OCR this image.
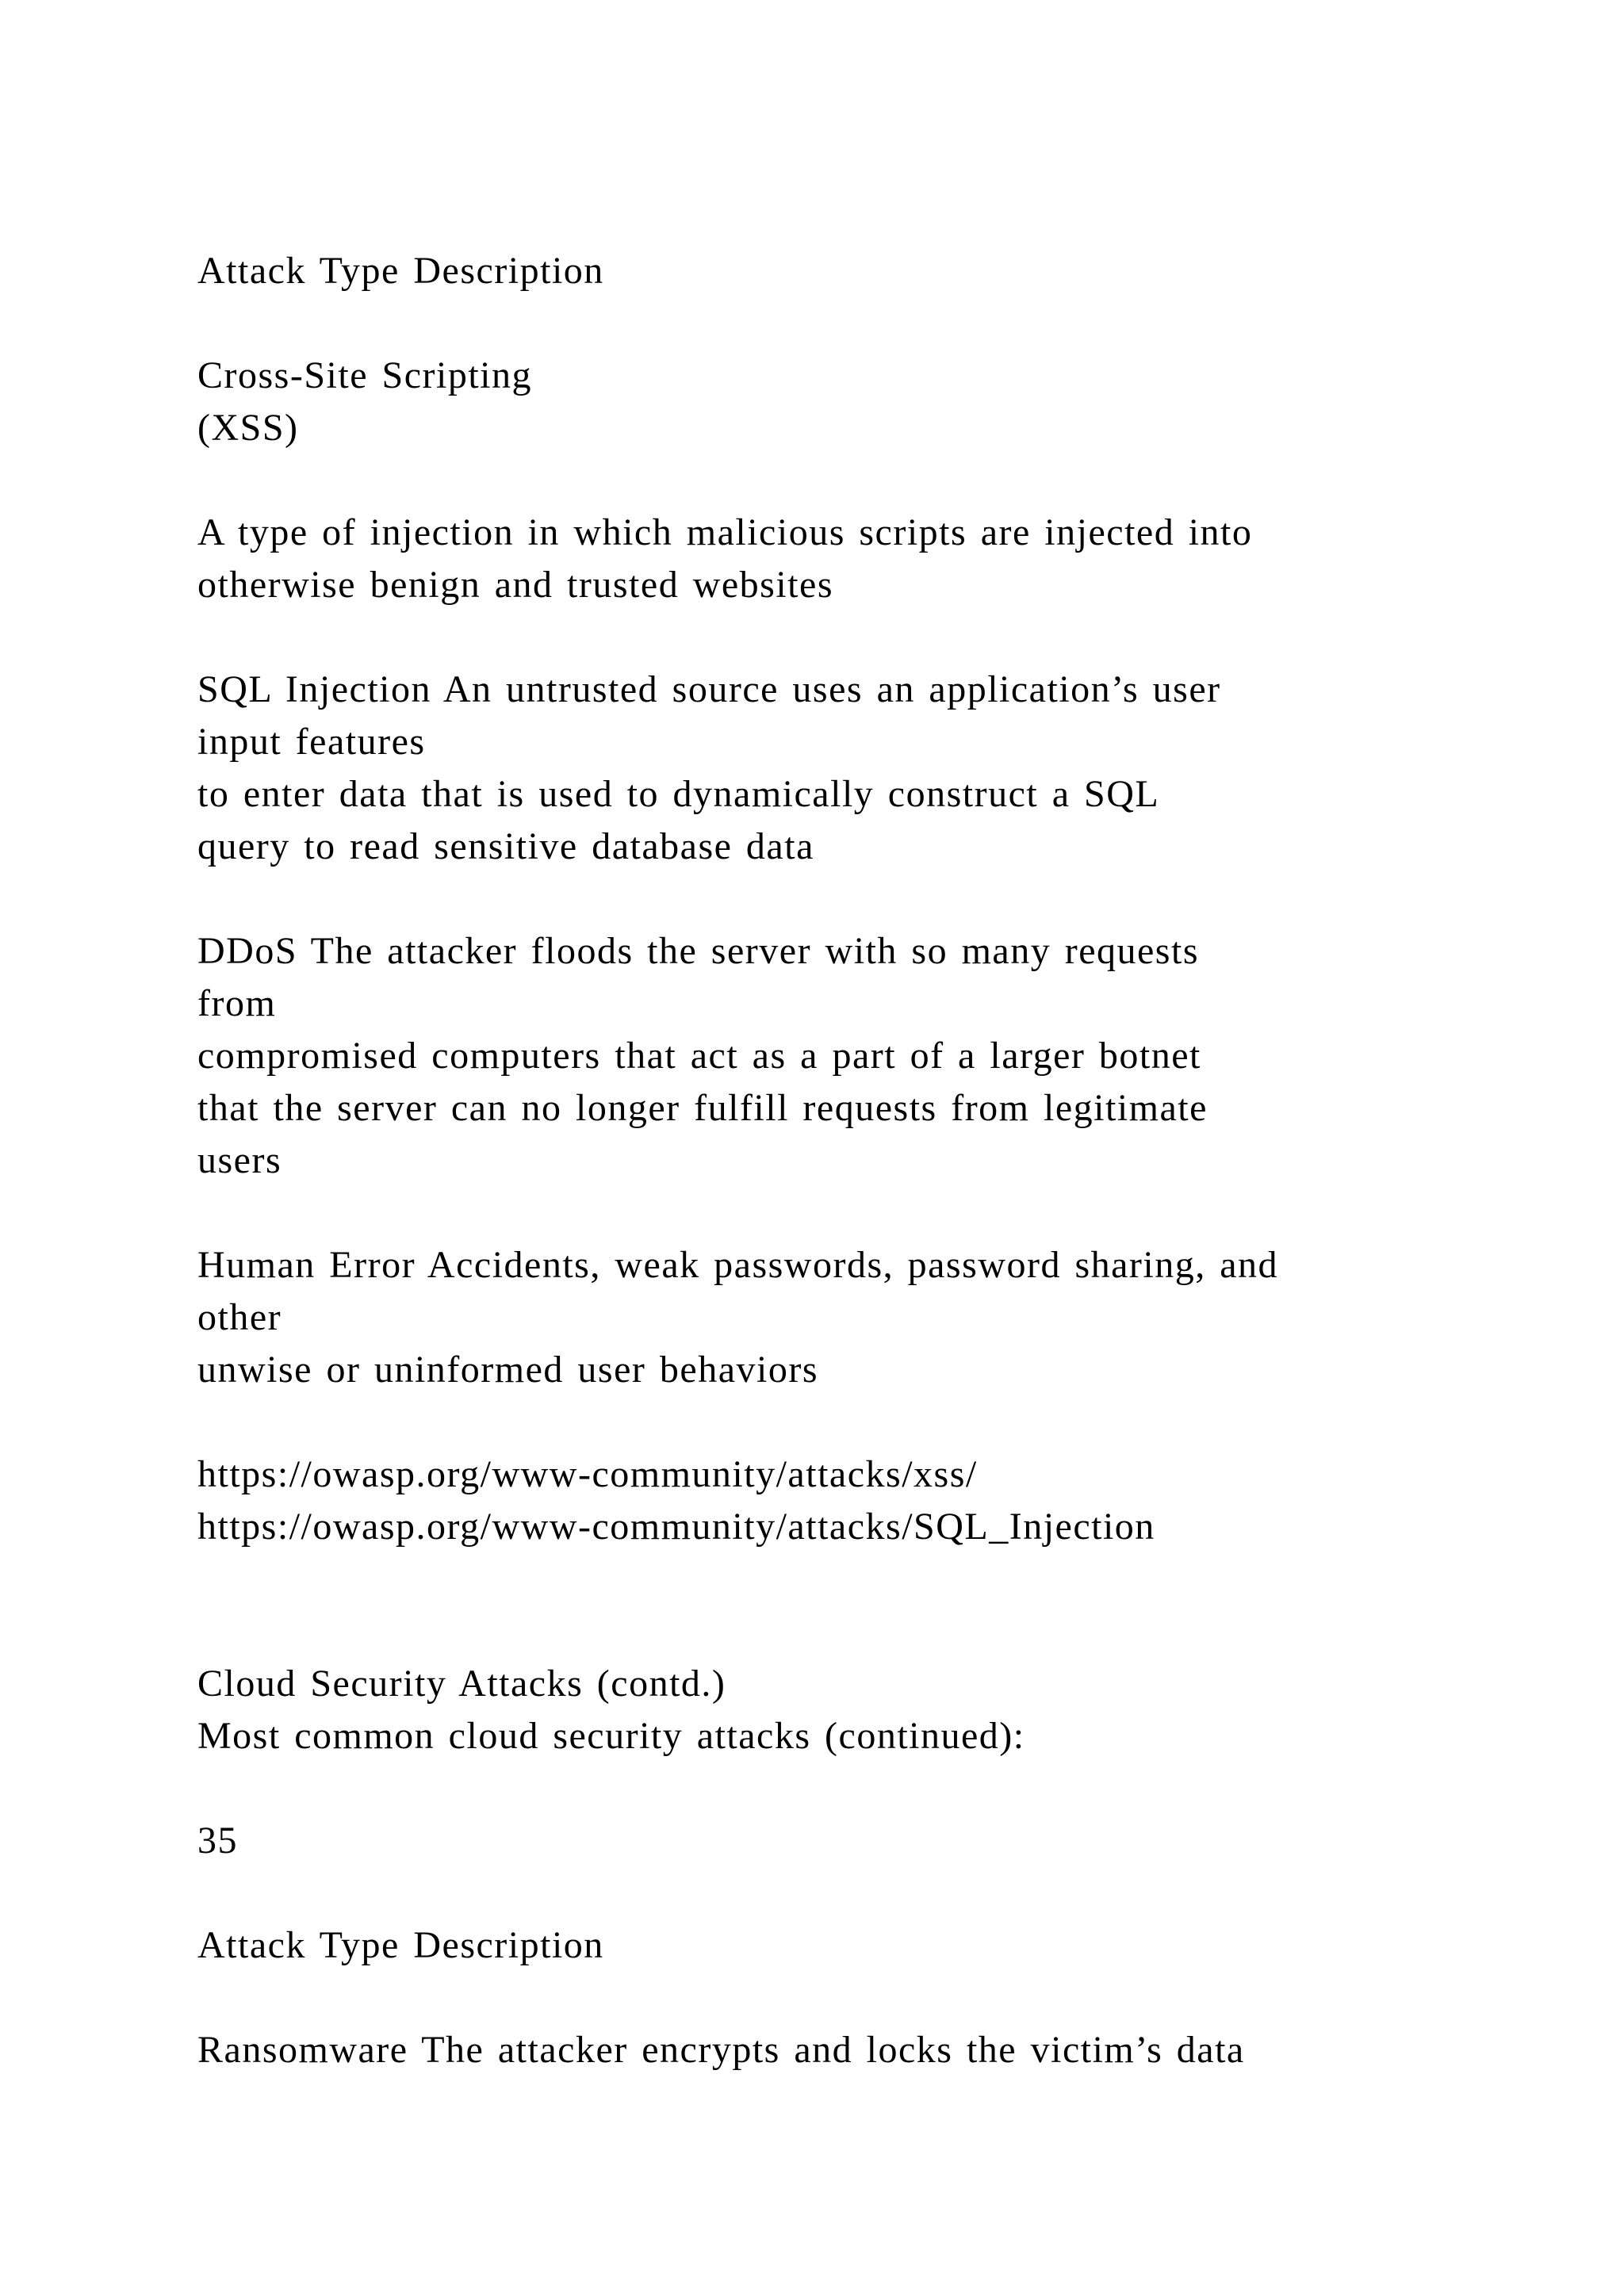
Attack Type Description
Cross-Site Scripting
(XSS)
A type of injection in which malicious scripts are injected into
otherwise benign and trusted websites
SQL Injection An untrusted source uses an application’s user
input features
to enter data that is used to dynamically construct a SQL
query to read sensitive database data
DDoS The attacker floods the server with so many requests
from
compromised computers that act as a part of a larger botnet
that the server can no longer fulfill requests from legitimate
users
Human Error Accidents, weak passwords, password sharing, and
other
unwise or uninformed user behaviors
https://owasp.org/www-community/attacks/xss/
https://owasp.org/www-community/attacks/SQL_Injection
Cloud Security Attacks (contd.)
Most common cloud security attacks (continued):
35
Attack Type Description
Ransomware The attacker encrypts and locks the victim’s data
